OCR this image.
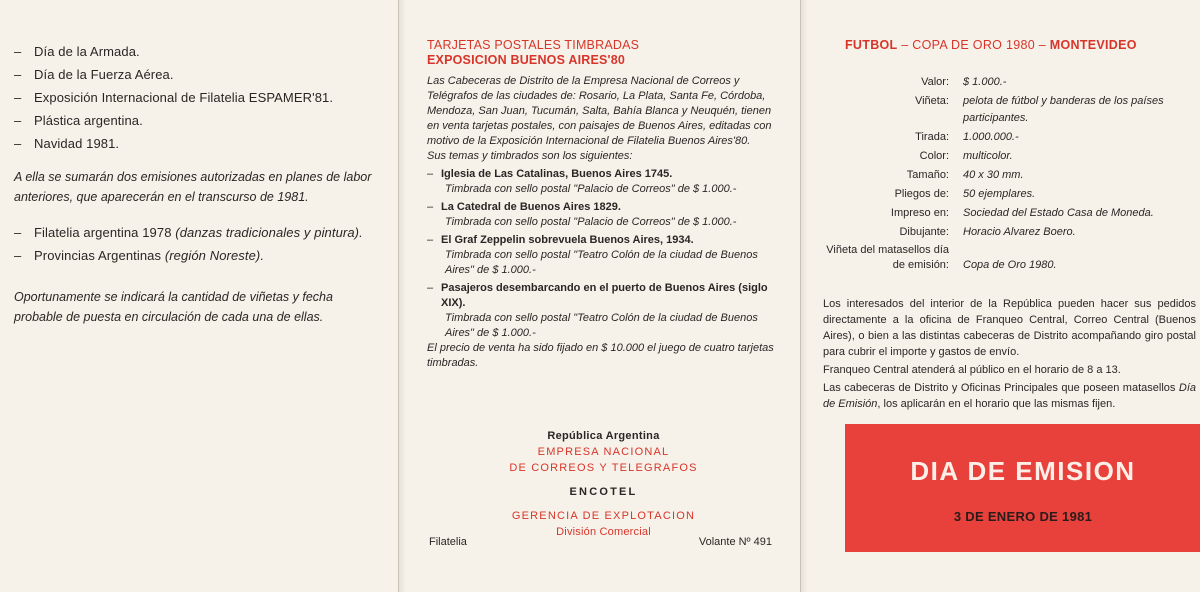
– Día de la Armada.
– Día de la Fuerza Aérea.
– Exposición Internacional de Filatelia ESPAMER'81.
– Plástica argentina.
– Navidad 1981.
A ella se sumarán dos emisiones autorizadas en planes de labor anteriores, que aparecerán en el transcurso de 1981.
– Filatelia argentina 1978 (danzas tradicionales y pintura).
– Provincias Argentinas (región Noreste).
Oportunamente se indicará la cantidad de viñetas y fecha probable de puesta en circulación de cada una de ellas.
TARJETAS POSTALES TIMBRADAS
EXPOSICION BUENOS AIRES'80
Las Cabeceras de Distrito de la Empresa Nacional de Correos y Telégrafos de las ciudades de: Rosario, La Plata, Santa Fe, Córdoba, Mendoza, San Juan, Tucumán, Salta, Bahía Blanca y Neuquén, tienen en venta tarjetas postales, con paisajes de Buenos Aires, editadas con motivo de la Exposición Internacional de Filatelia Buenos Aires'80.
Sus temas y timbrados son los siguientes:
– Iglesia de Las Catalinas, Buenos Aires 1745.
Timbrada con sello postal "Palacio de Correos" de $ 1.000.-
– La Catedral de Buenos Aires 1829.
Timbrada con sello postal "Palacio de Correos" de $ 1.000.-
– El Graf Zeppelin sobrevuela Buenos Aires, 1934.
Timbrada con sello postal "Teatro Colón de la ciudad de Buenos Aires" de $ 1.000.-
– Pasajeros desembarcando en el puerto de Buenos Aires (siglo XIX).
Timbrada con sello postal "Teatro Colón de la ciudad de Buenos Aires" de $ 1.000.-
El precio de venta ha sido fijado en $ 10.000 el juego de cuatro tarjetas timbradas.
República Argentina
EMPRESA NACIONAL
DE CORREOS Y TELEGRAFOS
ENCOTEL
GERENCIA DE EXPLOTACION
División Comercial
Filatelia	Volante Nº 491
FUTBOL – COPA DE ORO 1980 – MONTEVIDEO
Valor:	$ 1.000.-
Viñeta:	pelota de fútbol y banderas de los países participantes.
Tirada:	1.000.000.-
Color:	multicolor.
Tamaño:	40 x 30 mm.
Pliegos de:	50 ejemplares.
Impreso en:	Sociedad del Estado Casa de Moneda.
Dibujante:	Horacio Alvarez Boero.
Viñeta del matasellos día de emisión:	Copa de Oro 1980.
Los interesados del interior de la República pueden hacer sus pedidos directamente a la oficina de Franqueo Central, Correo Central (Buenos Aires), o bien a las distintas cabeceras de Distrito acompañando giro postal para cubrir el importe y gastos de envío.
Franqueo Central atenderá al público en el horario de 8 a 13.
Las cabeceras de Distrito y Oficinas Principales que poseen matasellos Día de Emisión, los aplicarán en el horario que las mismas fijen.
DIA DE EMISION
3 DE ENERO DE 1981
